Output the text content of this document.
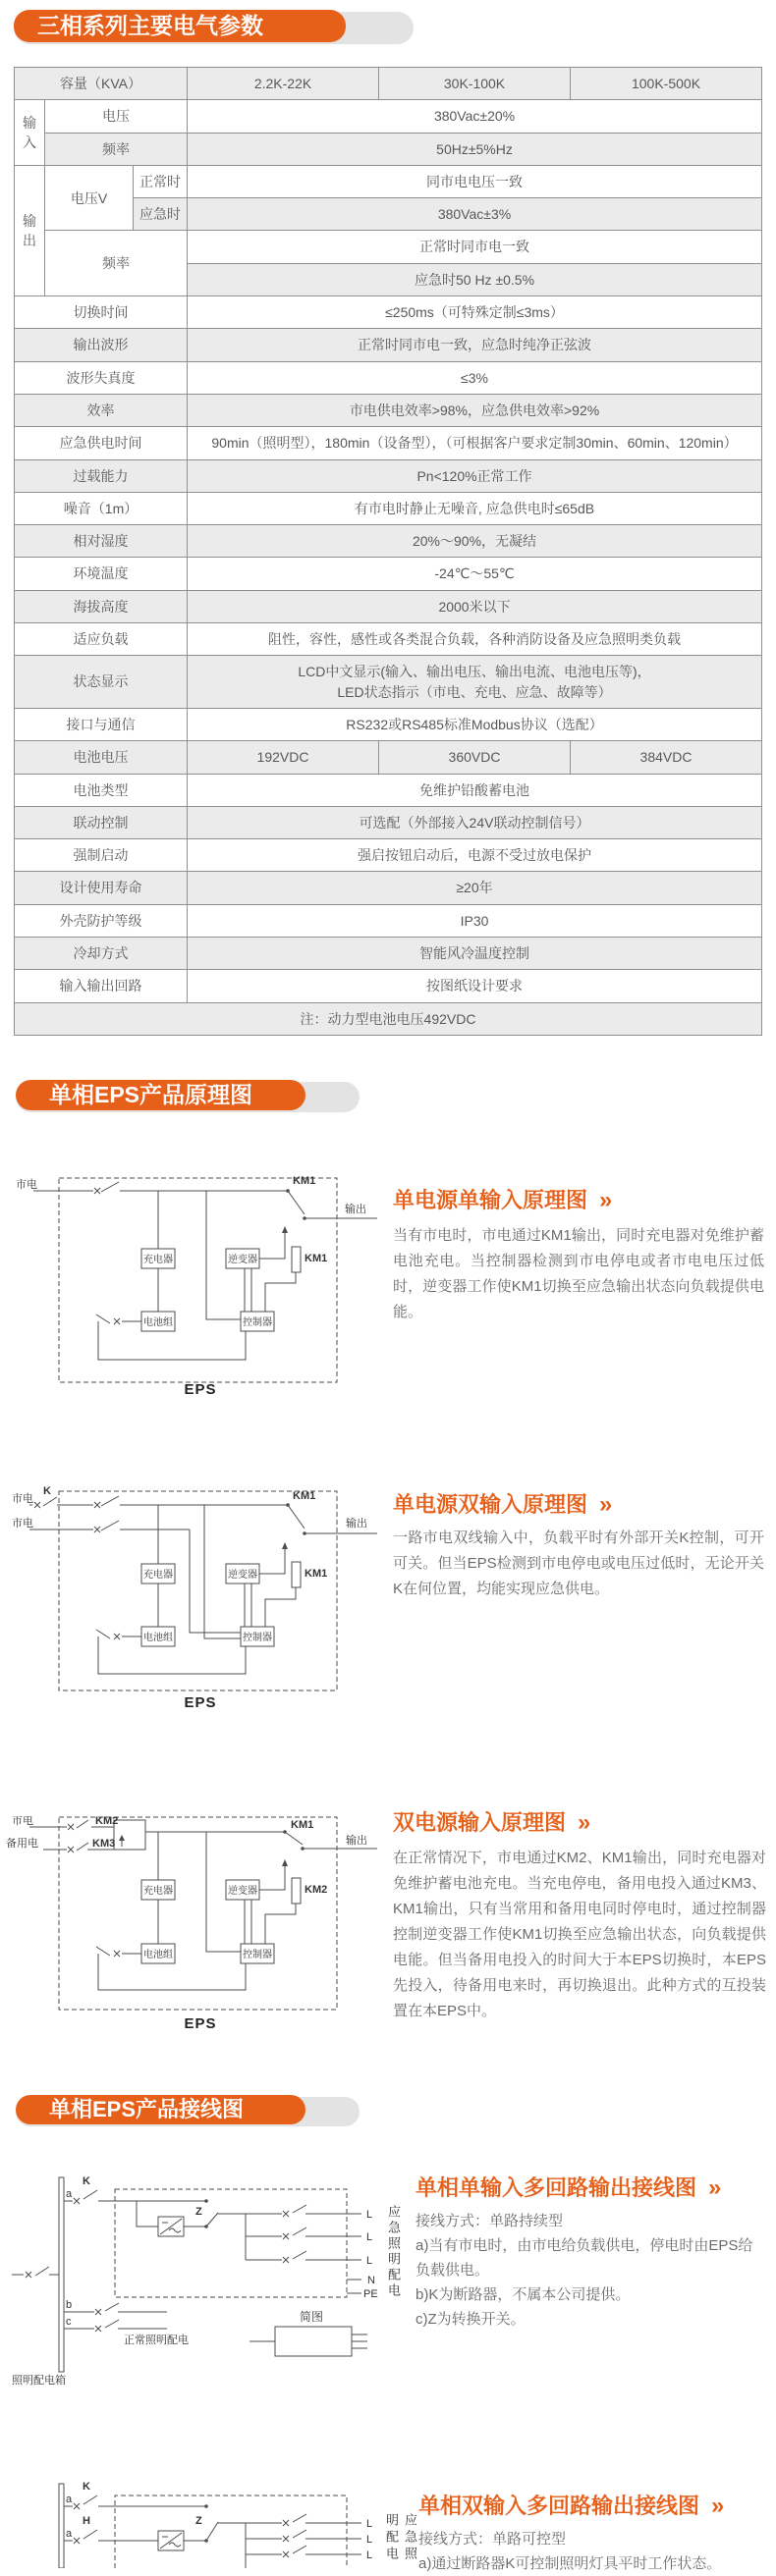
三相系列主要电气参数
容量（KVA）			2.2K-22K	30K-100K	100K-500K
输入	电压		380Vac±20%		
	频率		50Hz±5%Hz		
输出	电压V	正常时	同市电电压一致		
		应急时	380Vac±3%		
	频率		正常时同市电一致		
			应急时50 Hz ±0.5%		
切换时间			≤250ms（可特殊定制≤3ms）		
输出波形			正常时同市电一致，应急时纯净正弦波		
波形失真度			≤3%		
效率			市电供电效率>98%，应急供电效率>92%		
应急供电时间			90min（照明型），180min（设备型），（可根据客户要求定制30min、60min、120min）		
过载能力			Pn<120%正常工作		
噪音（1m）			有市电时静止无噪音, 应急供电时≤65dB		
相对湿度			20%～90%，无凝结		
环境温度			-24℃～55℃		
海拔高度			2000米以下		
适应负载			阻性，容性，感性或各类混合负载，各种消防设备及应急照明类负载		
状态显示			LCD中文显示(输入、输出电压、输出电流、电池电压等)，
LED状态指示（市电、充电、应急、故障等）		
接口与通信			RS232或RS485标准Modbus协议（选配）		
电池电压			192VDC	360VDC	384VDC
电池类型			免维护铅酸蓄电池		
联动控制			可选配（外部接入24V联动控制信号）		
强制启动			强启按钮启动后，电源不受过放电保护		
设计使用寿命			≥20年		
外壳防护等级			IP30		
冷却方式			智能风冷温度控制		
输入输出回路			按图纸设计要求		
注：动力型电池电压492VDC					
单相EPS产品原理图
市电	KM1
输出
充电器
电池组
逆变器
控制器
KM1
EPS
单电源单输入原理图 »
当有市电时，市电通过KM1输出，同时充电器对免维护蓄电池充电。当控制器检测到市电停电或者市电电压过低时，逆变器工作使KM1切换至应急输出状态向负载提供电能。
市电
K
市电
KM1
输出
充电器
电池组
逆变器
控制器
KM1
EPS
单电源双输入原理图 »
一路市电双线输入中，负载平时有外部开关K控制，可开可关。但当EPS检测到市电停电或电压过低时，无论开关K在何位置，均能实现应急供电。
市电	KM2
备用电	KM3
KM1
输出
充电器
电池组
逆变器
控制器
KM2
EPS
双电源输入原理图 »
在正常情况下，市电通过KM2、KM1输出，同时充电器对免维护蓄电池充电。当充电停电，备用电投入通过KM3、KM1输出，只有当常用和备用电同时停电时，通过控制器控制逆变器工作使KM1切换至应急输出状态，向负载提供电能。但当备用电投入的时间大于本EPS切换时，本EPS先投入，待备用电来时，再切换退出。此种方式的互投装置在本EPS中。
单相EPS产品接线图
a
K
Z	L
L
L
N
PE
b
c
正常照明配电
简图
照明配电箱
应急照明配电
单相单输入多回路输出接线图 »
接线方式：单路持续型
a)当有市电时，由市电给负载供电，停电时由EPS给负载供电。
b)K为断路器，不属本公司提供。
c)Z为转换开关。
a
K
a
H	Z	L
L
L	应急照明配电
单相双输入多回路输出接线图 »
接线方式：单路可控型
a)通过断路器K可控制照明灯具平时工作状态。
